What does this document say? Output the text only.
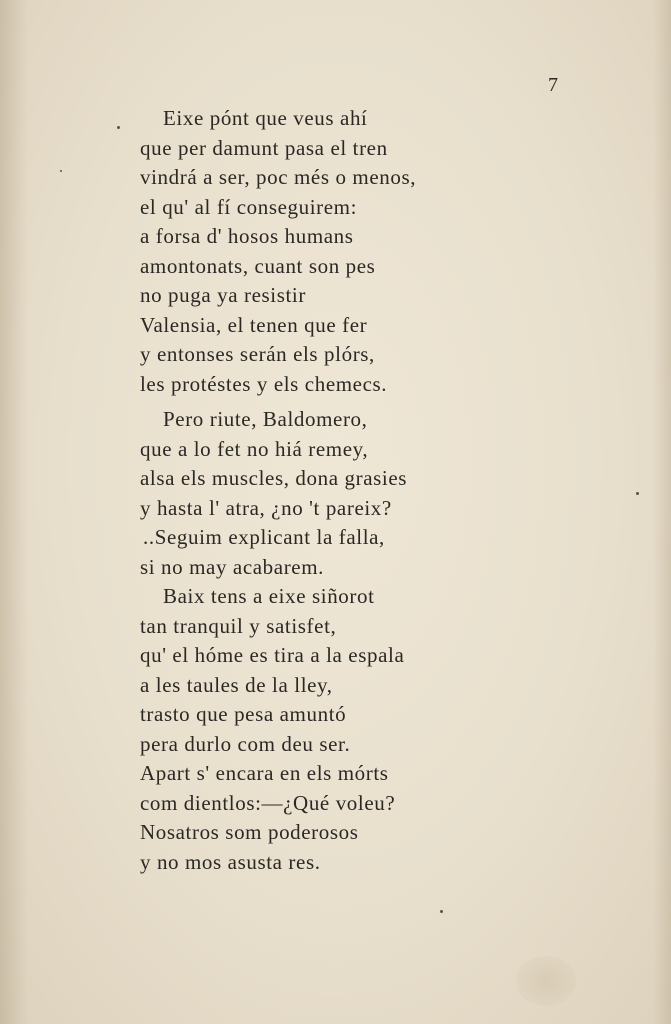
7
Eixe pónt que veus ahí
que per damunt pasa el tren
vindrá a ser, poc més o menos,
el qu' al fí conseguirem:
a forsa d' hosos humans
amontonats, cuant son pes
no puga ya resistir
Valensia, el tenen que fer
y entonses serán els plórs,
les protéstes y els chemecs.
Pero riute, Baldomero,
que a lo fet no hiá remey,
alsa els muscles, dona grasies
y hasta l' atra, ¿no 't pareix?
..Seguim explicant la falla,
si no may acabarem.
Baix tens a eixe siñorot
tan tranquil y satisfet,
qu' el hóme es tira a la espala
a les taules de la lley,
trasto que pesa amuntó
pera durlo com deu ser.
Apart s' encara en els mórts
com dientlos:—¿Qué voleu?
Nosatros som poderosos
y no mos asusta res.
